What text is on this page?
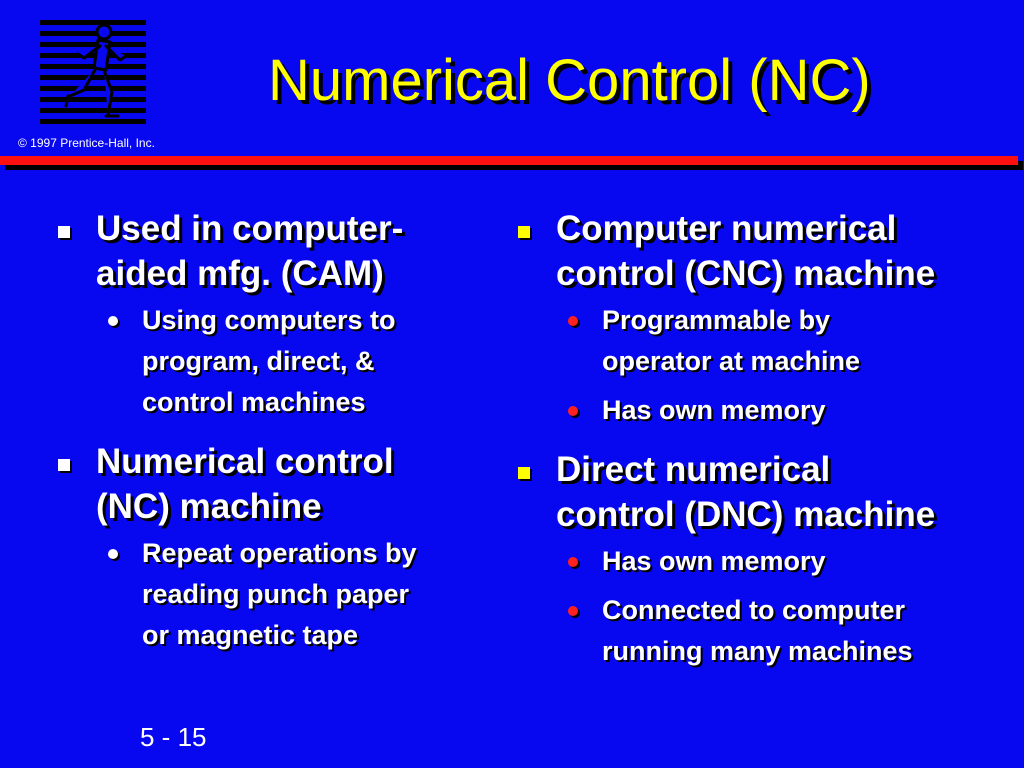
© 1997 Prentice-Hall, Inc.
Numerical Control (NC)
Used in computer-
aided mfg. (CAM)
Using computers to
program, direct, &
control machines
Numerical control
(NC) machine
Repeat operations by
reading punch paper
or magnetic tape
Computer numerical
control (CNC) machine
Programmable by
operator at machine
Has own memory
Direct numerical
control (DNC) machine
Has own memory
Connected to computer
running many machines
5 - 15
